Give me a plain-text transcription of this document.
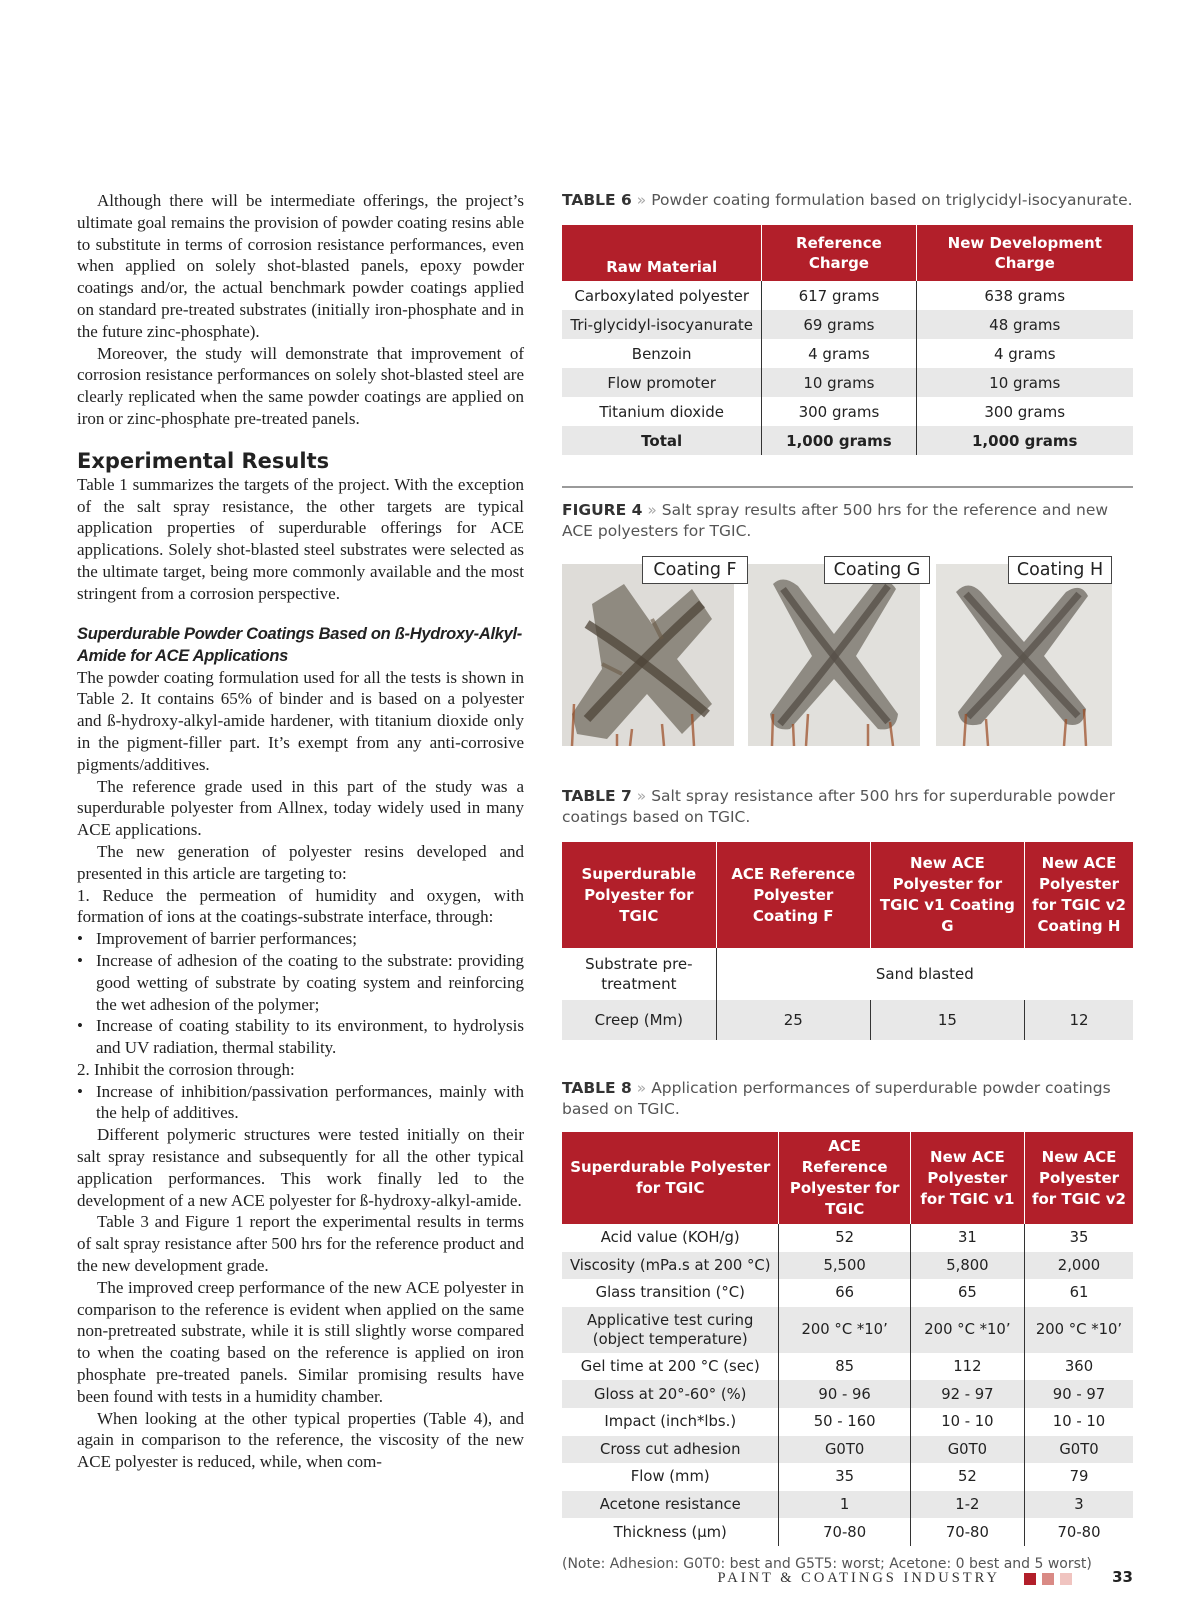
Although there will be intermediate offerings, the project’s ultimate goal remains the provision of powder coating resins able to substitute in terms of corrosion resistance performances, even when applied on solely shot-blasted panels, epoxy powder coatings and/or, the actual benchmark powder coatings applied on standard pre-treated substrates (initially iron-phosphate and in the future zinc-phosphate).

Moreover, the study will demonstrate that improvement of corrosion resistance performances on solely shot-blasted steel are clearly replicated when the same powder coatings are applied on iron or zinc-phosphate pre-treated panels.

Experimental Results

Table 1 summarizes the targets of the project. With the exception of the salt spray resistance, the other targets are typical application properties of superdurable offerings for ACE applications. Solely shot-blasted steel substrates were selected as the ultimate target, being more commonly available and the most stringent from a corrosion perspective.

Superdurable Powder Coatings Based on ß-Hydroxy-Alkyl-Amide for ACE Applications

The powder coating formulation used for all the tests is shown in Table 2. It contains 65% of binder and is based on a polyester and ß-hydroxy-alkyl-amide hardener, with titanium dioxide only in the pigment-filler part. It’s exempt from any anti-corrosive pigments/additives.

The reference grade used in this part of the study was a superdurable polyester from Allnex, today widely used in many ACE applications.

The new generation of polyester resins developed and presented in this article are targeting to:

1. Reduce the permeation of humidity and oxygen, with formation of ions at the coatings-substrate interface, through:

• Improvement of barrier performances;

• Increase of adhesion of the coating to the substrate: providing good wetting of substrate by coating system and reinforcing the wet adhesion of the polymer;

• Increase of coating stability to its environment, to hydrolysis and UV radiation, thermal stability.

2. Inhibit the corrosion through:

• Increase of inhibition/passivation performances, mainly with the help of additives.

Different polymeric structures were tested initially on their salt spray resistance and subsequently for all the other typical application performances. This work finally led to the development of a new ACE polyester for ß-hydroxy-alkyl-amide.

Table 3 and Figure 1 report the experimental results in terms of salt spray resistance after 500 hrs for the reference product and the new development grade.

The improved creep performance of the new ACE polyester in comparison to the reference is evident when applied on the same non-pretreated substrate, while it is still slightly worse compared to when the coating based on the reference is applied on iron phosphate pre-treated panels. Similar promising results have been found with tests in a humidity chamber.

When looking at the other typical properties (Table 4), and again in comparison to the reference, the viscosity of the new ACE polyester is reduced, while, when com-

TABLE 6 » Powder coating formulation based on triglycidyl-isocyanurate.
Raw Material	Reference Charge	New Development Charge
Carboxylated polyester	617 grams	638 grams
Tri-glycidyl-isocyanurate	69 grams	48 grams
Benzoin	4 grams	4 grams
Flow promoter	10 grams	10 grams
Titanium dioxide	300 grams	300 grams
Total	1,000 grams	1,000 grams
FIGURE 4 » Salt spray results after 500 hrs for the reference and new ACE polyesters for TGIC.
Coating F	Coating G	Coating H
TABLE 7 » Salt spray resistance after 500 hrs for superdurable powder coatings based on TGIC.
Superdurable Polyester for TGIC	ACE Reference Polyester Coating F	New ACE Polyester for TGIC v1 Coating G	New ACE Polyester for TGIC v2 Coating H
Substrate pre-treatment	Sand blasted		
Creep (Mm)	25	15	12
TABLE 8 » Application performances of superdurable powder coatings based on TGIC.
Superdurable Polyester for TGIC	ACE Reference Polyester for TGIC	New ACE Polyester for TGIC v1	New ACE Polyester for TGIC v2
Acid value (KOH/g)	52	31	35
Viscosity (mPa.s at 200 °C)	5,500	5,800	2,000
Glass transition (°C)	66	65	61
Applicative test curing (object temperature)	200 °C *10’	200 °C *10’	200 °C *10’
Gel time at 200 °C (sec)	85	112	360
Gloss at 20°-60° (%)	90 - 96	92 - 97	90 - 97
Impact (inch*lbs.)	50 - 160	10 - 10	10 - 10
Cross cut adhesion	G0T0	G0T0	G0T0
Flow (mm)	35	52	79
Acetone resistance	1	1-2	3
Thickness (µm)	70-80	70-80	70-80
(Note: Adhesion: G0T0: best and G5T5: worst; Acetone: 0 best and 5 worst)
PAINT & COATINGS INDUSTRY	33
